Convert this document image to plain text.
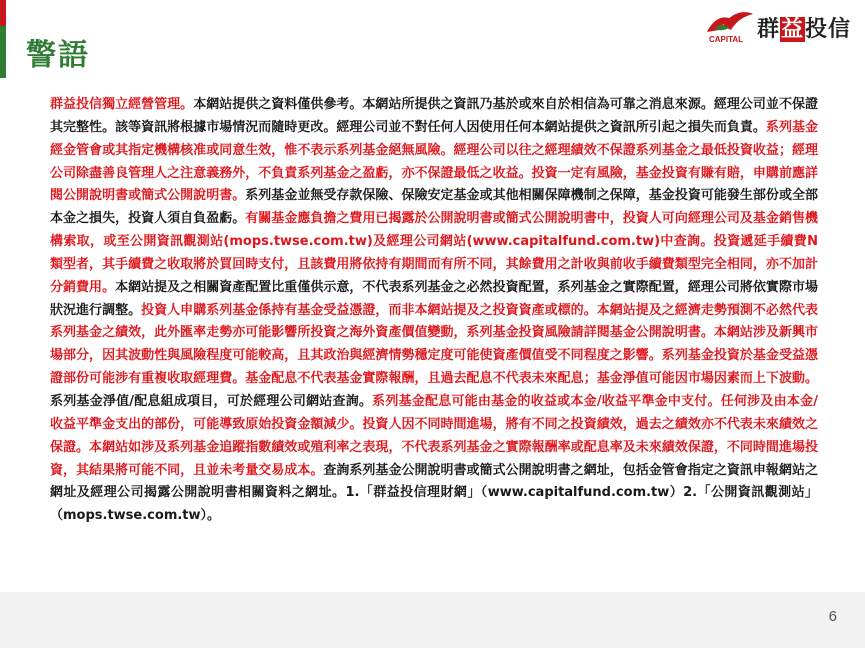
警語	CAPITAL 群益投信
群益投信獨立經營管理。本網站提供之資料僅供參考。本網站所提供之資訊乃基於或來自於相信為可靠之消息來源。經理公司並不保證其完整性。該等資訊將根據市場情況而隨時更改。經理公司並不對任何人因使用任何本網站提供之資訊所引起之損失而負責。系列基金經金管會或其指定機構核准或同意生效，惟不表示系列基金絕無風險。經理公司以往之經理績效不保證系列基金之最低投資收益；經理公司除盡善良管理人之注意義務外，不負責系列基金之盈虧，亦不保證最低之收益。投資一定有風險，基金投資有賺有賠，申購前應詳閱公開說明書或簡式公開說明書。系列基金並無受存款保險、保險安定基金或其他相關保障機制之保障，基金投資可能發生部份或全部本金之損失，投資人須自負盈虧。有關基金應負擔之費用已揭露於公開說明書或簡式公開說明書中，投資人可向經理公司及基金銷售機構索取，或至公開資訊觀測站(mops.twse.com.tw)及經理公司網站(www.capitalfund.com.tw)中查詢。投資遞延手續費N類型者，其手續費之收取將於買回時支付，且該費用將依持有期間而有所不同，其餘費用之計收與前收手續費類型完全相同，亦不加計分銷費用。本網站提及之相關資產配置比重僅供示意，不代表系列基金之必然投資配置，系列基金之實際配置，經理公司將依實際市場狀況進行調整。投資人申購系列基金係持有基金受益憑證，而非本網站提及之投資資產或標的。本網站提及之經濟走勢預測不必然代表系列基金之績效，此外匯率走勢亦可能影響所投資之海外資產價值變動，系列基金投資風險請詳閱基金公開說明書。本網站涉及新興市場部分，因其波動性與風險程度可能較高，且其政治與經濟情勢穩定度可能使資產價值受不同程度之影響。系列基金投資於基金受益憑證部份可能涉有重複收取經理費。基金配息不代表基金實際報酬，且過去配息不代表未來配息；基金淨值可能因市場因素而上下波動。系列基金淨值/配息組成項目，可於經理公司網站查詢。系列基金配息可能由基金的收益或本金/收益平準金中支付。任何涉及由本金/收益平準金支出的部份，可能導致原始投資金額減少。投資人因不同時間進場，將有不同之投資績效，過去之績效亦不代表未來績效之保證。本網站如涉及系列基金追蹤指數績效或殖利率之表現，不代表系列基金之實際報酬率或配息率及未來績效保證，不同時間進場投資，其結果將可能不同，且並未考量交易成本。查詢系列基金公開說明書或簡式公開說明書之網址，包括金管會指定之資訊申報網站之網址及經理公司揭露公開說明書相關資料之網址。1.「群益投信理財網」（www.capitalfund.com.tw）2.「公開資訊觀測站」（mops.twse.com.tw）。
6
